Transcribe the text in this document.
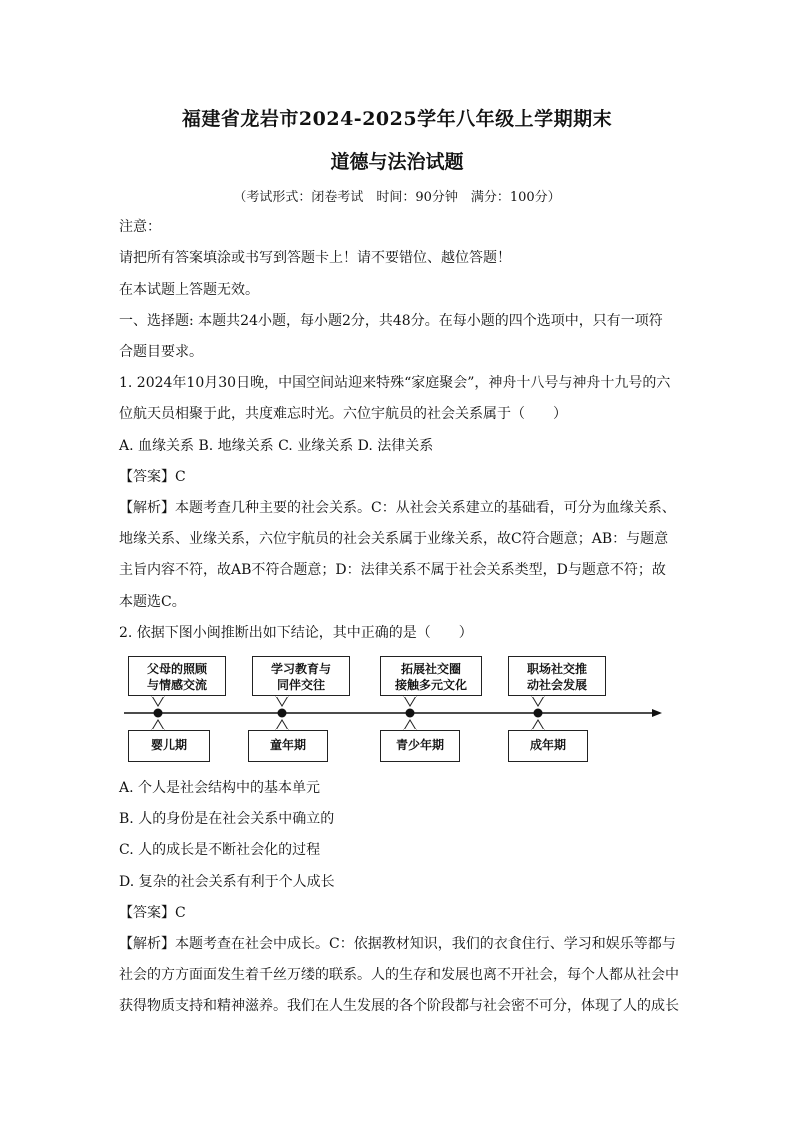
福建省龙岩市2024-2025学年八年级上学期期末
道德与法治试题
（考试形式：闭卷考试　时间：90分钟　满分：100分）
注意：
请把所有答案填涂或书写到答题卡上！请不要错位、越位答题！
在本试题上答题无效。
一、选择题: 本题共24小题，每小题2分，共48分。在每小题的四个选项中，只有一项符
合题目要求。
1. 2024年10月30日晚，中国空间站迎来特殊“家庭聚会”，神舟十八号与神舟十九号的六
位航天员相聚于此，共度难忘时光。六位宇航员的社会关系属于（　　）
A. 血缘关系 B. 地缘关系 C. 业缘关系 D. 法律关系
【答案】C
【解析】本题考查几种主要的社会关系。C：从社会关系建立的基础看，可分为血缘关系、
地缘关系、业缘关系，六位宇航员的社会关系属于业缘关系，故C符合题意；AB：与题意
主旨内容不符，故AB不符合题意；D：法律关系不属于社会关系类型，D与题意不符；故
本题选C。
2. 依据下图小闽推断出如下结论，其中正确的是（　　）
父母的照顾
与情感交流
学习教育与
同伴交往
拓展社交圈
接触多元文化
职场社交推
动社会发展
婴儿期	童年期	青少年期	成年期
A. 个人是社会结构中的基本单元
B. 人的身份是在社会关系中确立的
C. 人的成长是不断社会化的过程
D. 复杂的社会关系有利于个人成长
【答案】C
【解析】本题考查在社会中成长。C：依据教材知识，我们的衣食住行、学习和娱乐等都与
社会的方方面面发生着千丝万缕的联系。人的生存和发展也离不开社会，每个人都从社会中
获得物质支持和精神滋养。我们在人生发展的各个阶段都与社会密不可分，体现了人的成长
